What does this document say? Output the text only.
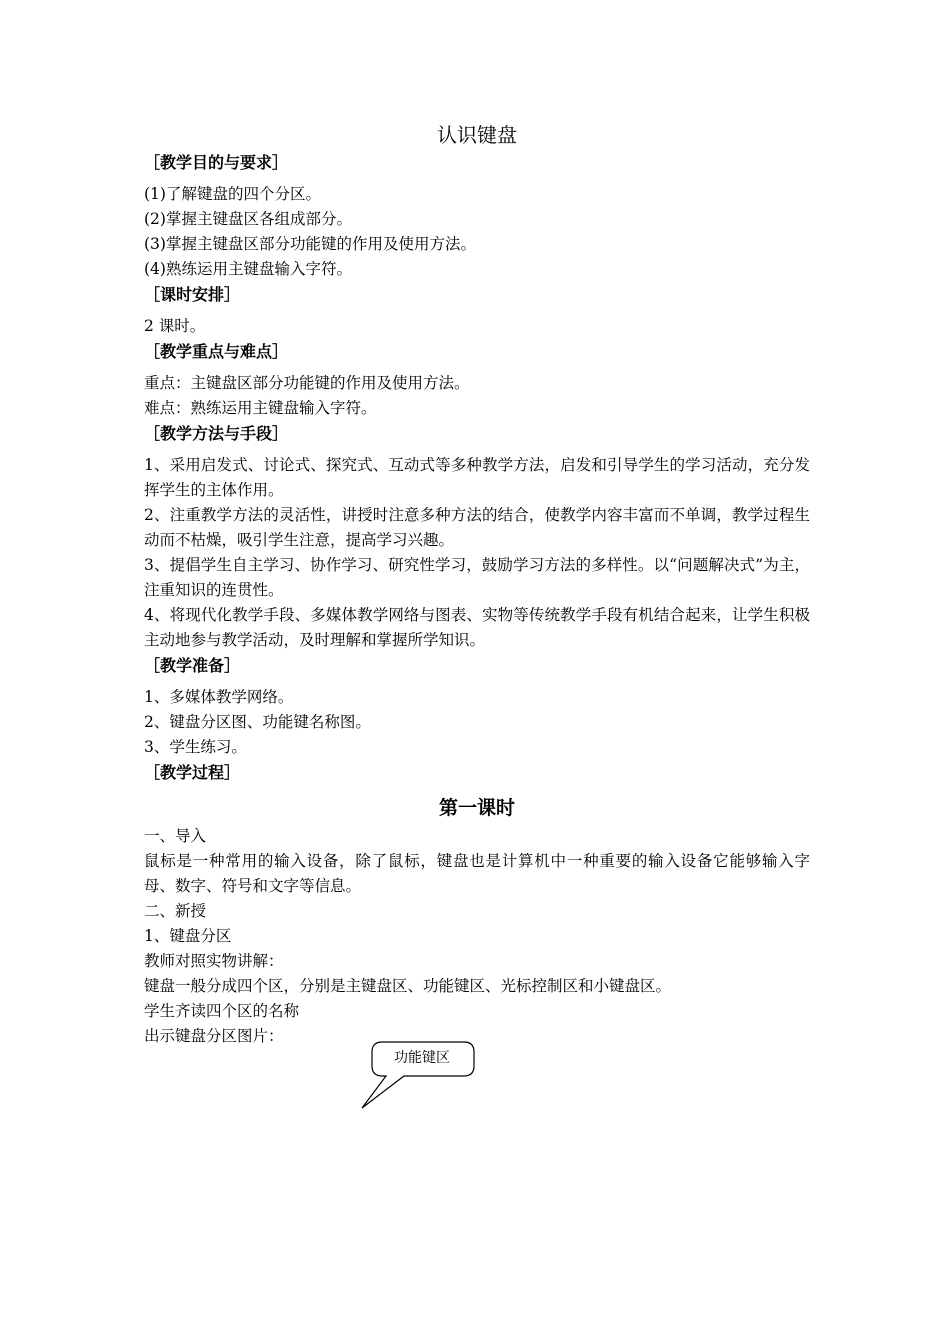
认识键盘
［教学目的与要求］
(1)了解键盘的四个分区。
(2)掌握主键盘区各组成部分。
(3)掌握主键盘区部分功能键的作用及使用方法。
(4)熟练运用主键盘输入字符。
［课时安排］
2 课时。
［教学重点与难点］
重点：主键盘区部分功能键的作用及使用方法。
难点：熟练运用主键盘输入字符。
［教学方法与手段］
1、采用启发式、讨论式、探究式、互动式等多种教学方法，启发和引导学生的学习活动，充分发挥学生的主体作用。
2、注重教学方法的灵活性，讲授时注意多种方法的结合，使教学内容丰富而不单调，教学过程生动而不枯燥，吸引学生注意，提高学习兴趣。
3、提倡学生自主学习、协作学习、研究性学习，鼓励学习方法的多样性。以“问题解决式”为主，注重知识的连贯性。
4、将现代化教学手段、多媒体教学网络与图表、实物等传统教学手段有机结合起来，让学生积极主动地参与教学活动，及时理解和掌握所学知识。
［教学准备］
1、多媒体教学网络。
2、键盘分区图、功能键名称图。
3、学生练习。
［教学过程］
第一课时
一、导入
鼠标是一种常用的输入设备，除了鼠标，键盘也是计算机中一种重要的输入设备它能够输入字母、数字、符号和文字等信息。
二、新授
1、键盘分区
教师对照实物讲解：
键盘一般分成四个区，分别是主键盘区、功能键区、光标控制区和小键盘区。
学生齐读四个区的名称
出示键盘分区图片：
功能键区
